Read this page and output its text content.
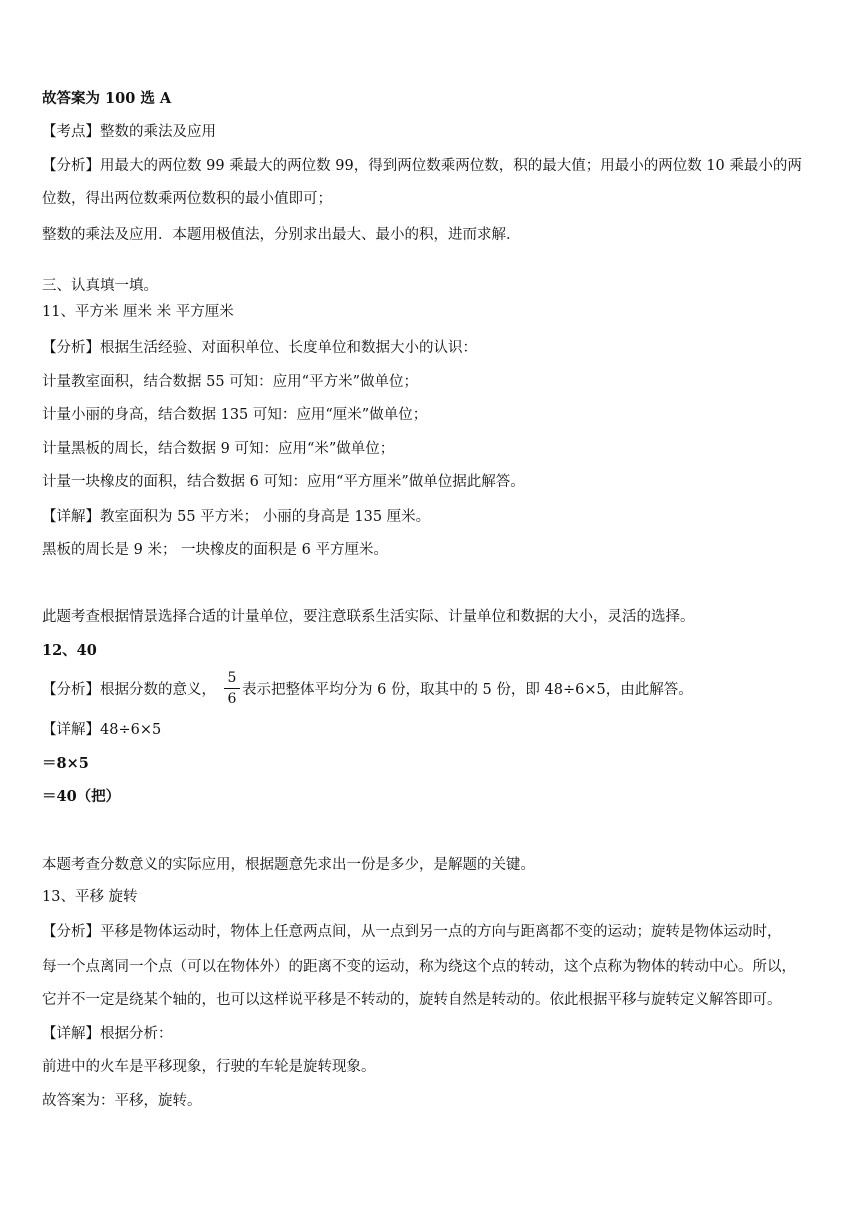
故答案为 100 选 A
【考点】整数的乘法及应用
【分析】用最大的两位数 99 乘最大的两位数 99，得到两位数乘两位数，积的最大值；用最小的两位数 10 乘最小的两
位数，得出两位数乘两位数积的最小值即可；
整数的乘法及应用．本题用极值法，分别求出最大、最小的积，进而求解．
三、认真填一填。
11、平方米 厘米 米 平方厘米
【分析】根据生活经验、对面积单位、长度单位和数据大小的认识：
计量教室面积，结合数据 55 可知：应用“平方米”做单位；
计量小丽的身高，结合数据 135 可知：应用“厘米”做单位；
计量黑板的周长，结合数据 9 可知：应用“米”做单位；
计量一块橡皮的面积，结合数据 6 可知：应用“平方厘米”做单位据此解答。
【详解】教室面积为 55 平方米； 小丽的身高是 135 厘米。
黑板的周长是 9 米； 一块橡皮的面积是 6 平方厘米。
此题考查根据情景选择合适的计量单位，要注意联系生活实际、计量单位和数据的大小，灵活的选择。
12、40
【分析】根据分数的意义，
5
6
表示把整体平均分为 6 份，取其中的 5 份，即 48÷6×5，由此解答。
【详解】48÷6×5
＝8×5
＝40（把）
本题考查分数意义的实际应用，根据题意先求出一份是多少，是解题的关键。
13、平移 旋转
【分析】平移是物体运动时，物体上任意两点间，从一点到另一点的方向与距离都不变的运动；旋转是物体运动时，
每一个点离同一个点（可以在物体外）的距离不变的运动，称为绕这个点的转动，这个点称为物体的转动中心。所以，
它并不一定是绕某个轴的，也可以这样说平移是不转动的，旋转自然是转动的。依此根据平移与旋转定义解答即可。
【详解】根据分析：
前进中的火车是平移现象，行驶的车轮是旋转现象。
故答案为：平移，旋转。
